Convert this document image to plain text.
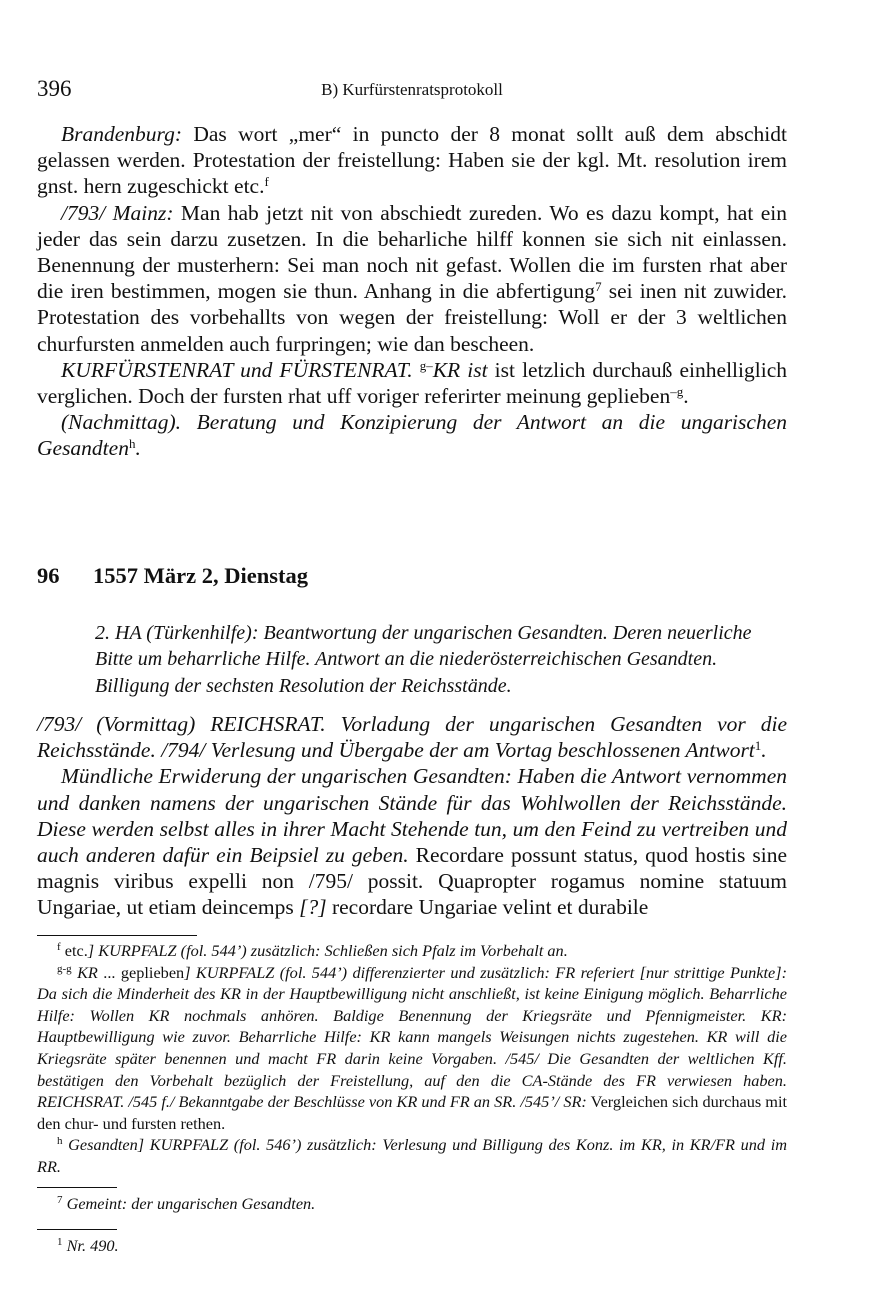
396	B) Kurfürstenratsprotokoll

Brandenburg: Das wort „mer“ in puncto der 8 monat sollt auß dem abschidt gelassen werden. Protestation der freistellung: Haben sie der kgl. Mt. resolution irem gnst. hern zugeschickt etc.$^f$

/793/ Mainz: Man hab jetzt nit von abschiedt zureden. Wo es dazu kompt, hat ein jeder das sein darzu zusetzen. In die beharliche hilff konnen sie sich nit einlassen. Benennung der musterhern: Sei man noch nit gefast. Wollen die im fursten rhat aber die iren bestimmen, mogen sie thun. Anhang in die abfertigung$^7$ sei inen nit zuwider. Protestation des vorbehallts von wegen der freistellung: Woll er der 3 weltlichen churfursten anmelden auch furpringen; wie dan bescheen.

KURFÜRSTENRAT und FÜRSTENRAT. $^{g-}$KR ist ist letzlich durchauß einhelliglich verglichen. Doch der fursten rhat uff voriger referirter meinung geplieben$^{-g}$.

(Nachmittag). Beratung und Konzipierung der Antwort an die ungarischen Gesandten$^h$.

96 1557 März 2, Dienstag

2. HA (Türkenhilfe): Beantwortung der ungarischen Gesandten. Deren neuerliche Bitte um beharrliche Hilfe. Antwort an die niederösterreichischen Gesandten. Billigung der sechsten Resolution der Reichsstände.

/793/ (Vormittag) REICHSRAT. Vorladung der ungarischen Gesandten vor die Reichsstände. /794/ Verlesung und Übergabe der am Vortag beschlossenen Antwort$^1$.

Mündliche Erwiderung der ungarischen Gesandten: Haben die Antwort vernommen und danken namens der ungarischen Stände für das Wohlwollen der Reichsstände. Diese werden selbst alles in ihrer Macht Stehende tun, um den Feind zu vertreiben und auch anderen dafür ein Beipsiel zu geben. Recordare possunt status, quod hostis sine magnis viribus expelli non /795/ possit. Quapropter rogamus nomine statuum Ungariae, ut etiam deincemps [?] recordare Ungariae velint et durabile

$^f$ etc.] KURPFALZ (fol. 544’) zusätzlich: Schließen sich Pfalz im Vorbehalt an.

$^{g-g}$ KR ... geplieben] KURPFALZ (fol. 544’) differenzierter und zusätzlich: FR referiert [nur strittige Punkte]: Da sich die Minderheit des KR in der Hauptbewilligung nicht anschließt, ist keine Einigung möglich. Beharrliche Hilfe: Wollen KR nochmals anhören. Baldige Benennung der Kriegsräte und Pfennigmeister. KR: Hauptbewilligung wie zuvor. Beharrliche Hilfe: KR kann mangels Weisungen nichts zugestehen. KR will die Kriegsräte später benennen und macht FR darin keine Vorgaben. /545/ Die Gesandten der weltlichen Kff. bestätigen den Vorbehalt bezüglich der Freistellung, auf den die CA-Stände des FR verwiesen haben. REICHSRAT. /545 f./ Bekanntgabe der Beschlüsse von KR und FR an SR. /545’/ SR: Vergleichen sich durchaus mit den chur- und fursten rethen.

$^h$ Gesandten] KURPFALZ (fol. 546’) zusätzlich: Verlesung und Billigung des Konz. im KR, in KR/FR und im RR.

$^7$ Gemeint: der ungarischen Gesandten.

$^1$ Nr. 490.
